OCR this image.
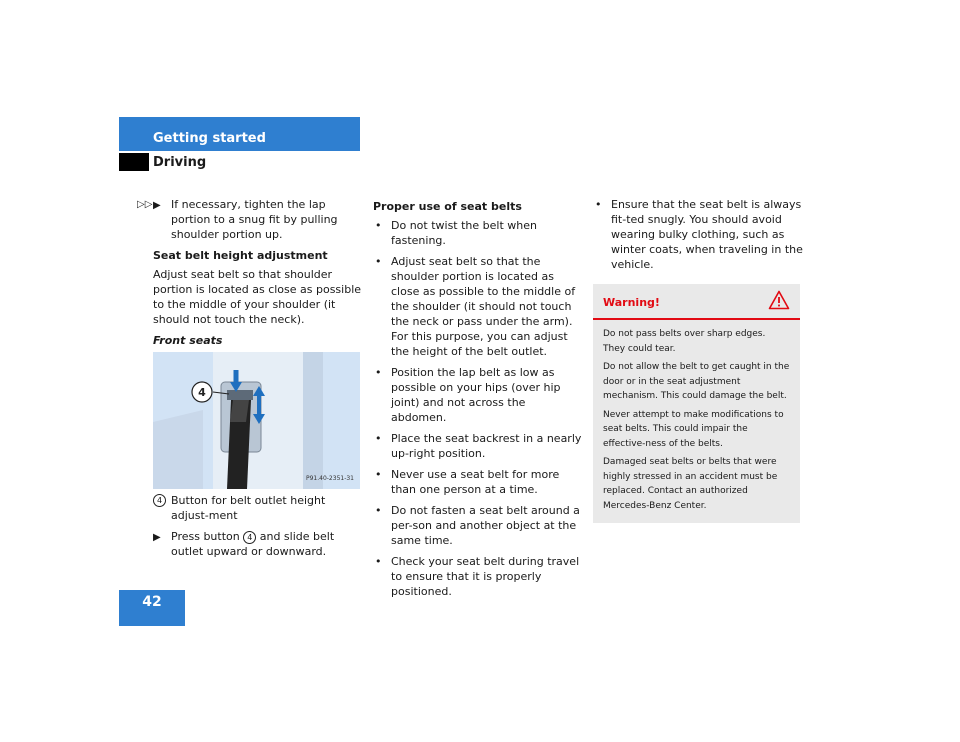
Getting started
Driving
▷▷ ▶ If necessary, tighten the lap portion to a snug fit by pulling shoulder portion up.
Seat belt height adjustment
Adjust seat belt so that shoulder portion is located as close as possible to the middle of your shoulder (it should not touch the neck).
Front seats
4
P91.40-2351-31
4 Button for belt outlet height adjust-ment
▶ Press button 4 and slide belt outlet upward or downward.
Proper use of seat belts
• Do not twist the belt when fastening.
• Adjust seat belt so that the shoulder portion is located as close as possible to the middle of the shoulder (it should not touch the neck or pass under the arm). For this purpose, you can adjust the height of the belt outlet.
• Position the lap belt as low as possible on your hips (over hip joint) and not across the abdomen.
• Place the seat backrest in a nearly up-right position.
• Never use a seat belt for more than one person at a time.
• Do not fasten a seat belt around a per-son and another object at the same time.
• Check your seat belt during travel to ensure that it is properly positioned.
• Ensure that the seat belt is always fit-ted snugly. You should avoid wearing bulky clothing, such as winter coats, when traveling in the vehicle.
Warning!

Do not pass belts over sharp edges. They could tear.

Do not allow the belt to get caught in the door or in the seat adjustment mechanism. This could damage the belt.

Never attempt to make modifications to seat belts. This could impair the effective-ness of the belts.

Damaged seat belts or belts that were highly stressed in an accident must be replaced. Contact an authorized Mercedes-Benz Center.

42
